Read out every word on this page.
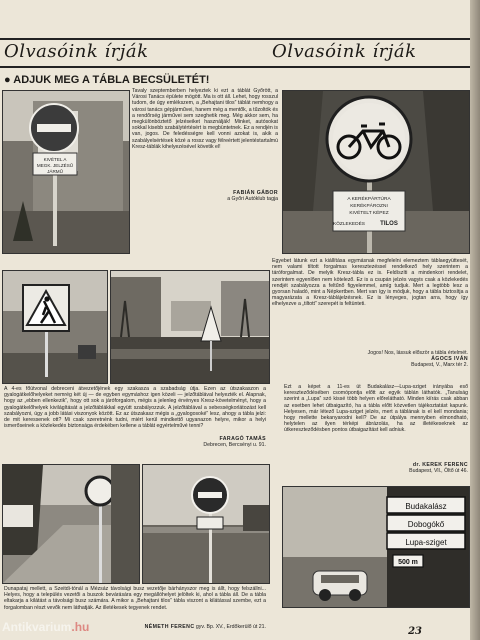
Olvasóink írják	Olvasóink írják
● ADJUK MEG A TÁBLA BECSÜLETÉT!
KIVÉTEL A
MEGK. JELZÉSŰ
JÁRMŰ
Tavaly szeptemberben helyeztek ki ezt a táblát Győrött, a Városi Tanács épülete mögött. Ma is ott áll. Lehet, hogy rosszul tudom, de úgy emlékszem, a „Behajtani tilos” táblát nemhogy a városi tanács gépjárművei, hanem még a mentők, a tűzoltók és a rendőrség járművei sem szeghetik meg. Még akkor sem, ha megkülönböztető jelzéseiket használják! Minket, autósokat sokkal kisebb szabálytértésért is megbüntetnek. Ez a rendjén is van, jogos. De feledésségre kell vonni azokat is, akik a szabályelsértések közé a rossz vagy félreértett jelentéstartalmú Kresz-táblák kihelyezésével követik el!
FABIÁN GÁBOR
a Győri Autóklub tagja	A KERÉKPÁRTÚRA
KERÉKPÁROZNI
KIVÉTELT KÉPEZ
KÖZLEKEDÉS	TILOS
Egyebet látunk ezt a kiállítása egymásnak megfelelni elemeztem táblaegyüttesét, nem valami tiltott forgalmas keresztezéssel rendelkező hely szerintem a táróforgalmat. De melyik Kresz-tábla ez is. Feldíszíti a mindenkori rendelet, szerintem egyenlően nem kötelező. Ez is a csupán jelzés vagyis csak a közlekedés rendjét szabályozza a feltűnő figyelemmel, amíg tudjuk. Mert a legtöbb lesz a gyorsan haladó, mint a Népkertben. Mert van így is módjuk, hogy a tábla biztosítja a magyarázata a Kresz-táblájelzésnek. Ez is lényeges, jogtan arra, hogy így elhelyezve a „tiltott” szerepét is feltünteti.
Jogos! Nos, lássuk először a tábla értelmét.
ÁGOCS IVÁN
Budapest, V., Marx tér 2.
A 4-es főútvonal debreceni átvezetőjének egy szakasza a szabadság útja. Ezen az útszakaszon a gyalogátkelőhelyeket nemrég két új — de egyben egymáshoz igen közeli — jelzőtáblával helyezték el. Alapnak, hogy az „ebben ellenkezik”, hogy ott sok a járóforgalom, mégis a jelenleg érvényes Kresz-követelményt, hogy a gyalogátkelőhelyek kivilágítását a jelzőtáblákkal együtt szabályozzuk. A jelzőtáblával a sebességkorlátozást kell szabályozni, úgy a jobb látási viszonyok között. Ez az útszakasz mégis a „gyalogosoké” lesz, ahogy a tábla jelzi: de mit keressenek ott? Mi csak szeretnénk tudni, miért kerül mindkettő ugyanazon helyre, mikor a helyi ismerőseinek a közlekedés biztonsága érdekében kellene a táblát egyértelművé tenni?
FARAGÓ TAMÁS
Debrecen, Bercsényi u. 91.
Ezt a képet a 11-es út Budakalász—Lupa-sziget irányába eső kereszteződésében csomópontja előtt az egyik táblán láthatók. „Tanulság szerint a „Lupa” szó kissé több helyen előrelátható. Minden kiírás csak abban az esetben lehet útbaigazító, ha a tábla előtt közvetlen tájékoztatást kapunk. Helyesen, már létező Lupa-sziget jelzés, mert a táblának is el kell mondania; hogy mellette bekanyarodni kell? De az útpálya mennyiben elmondható, helytelen az ilyen térképi ábrázolás, ha az illetékeseknek az útkereszteződésben pontos útbaigazítást kell adniuk.
dr. KEREK FERENC
Budapest, Vll., Öltő út 46.
Budakalász
Dobogókő
Lupa-sziget
500 m
Dunapataj mellett, a Szeitdi-tónál a Mézsáz távolsági busz vezetője bárhányszor meg is állt, hogy felszállni... Helyes, hogy a település vezetői a buszok bevárására egy megállóhelyet jelöltek ki, ahol a tábla áll. De a tábla eltakarja a kilátást a távolsági busz számára. A mikor a „Behajtani tilos” tábla viszont a kilátással szembe, ezt a forgalomban részt vevők nem láthatják. Az illetékesek tegyenek rendet.
NÉMETH FERENC gyv. Bp. XV., Erdőkerülő út 21.	23
Antikvarium.hu
